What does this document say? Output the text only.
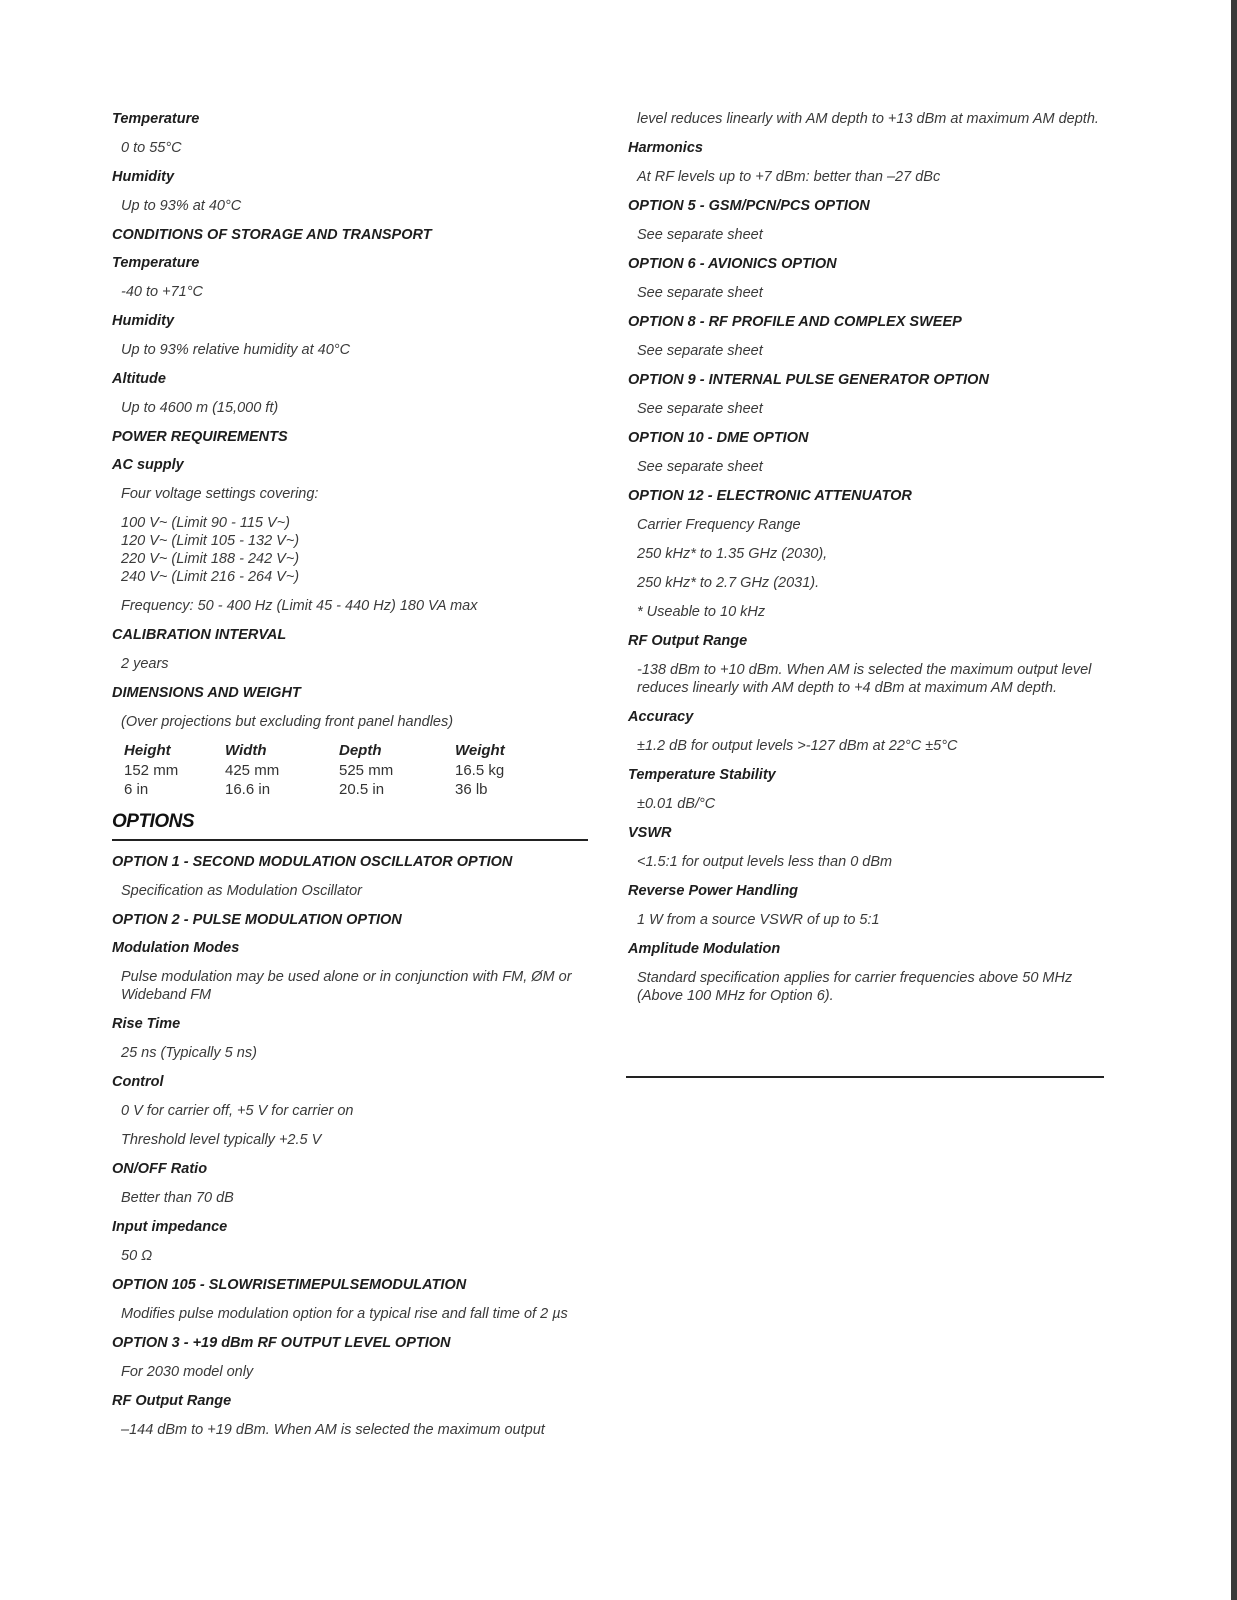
Temperature

0 to 55°C

Humidity

Up to 93% at 40°C

CONDITIONS OF STORAGE AND TRANSPORT

Temperature

-40 to +71°C

Humidity

Up to 93% relative humidity at 40°C

Altitude

Up to 4600 m (15,000 ft)

POWER REQUIREMENTS

AC supply

Four voltage settings covering:

100 V~ (Limit 90 - 115 V~)
120 V~ (Limit 105 - 132 V~)
220 V~ (Limit 188 - 242 V~)
240 V~ (Limit 216 - 264 V~)

Frequency: 50 - 400 Hz (Limit 45 - 440 Hz) 180 VA max

CALIBRATION INTERVAL

2 years

DIMENSIONS AND WEIGHT

(Over projections but excluding front panel handles)

Height	Width	Depth	Weight
152 mm	425 mm	525 mm	16.5 kg
6 in	16.6 in	20.5 in	36 lb
OPTIONS

OPTION 1 - SECOND MODULATION OSCILLATOR OPTION

Specification as Modulation Oscillator

OPTION 2 - PULSE MODULATION OPTION

Modulation Modes

Pulse modulation may be used alone or in conjunction with FM, ØM or Wideband FM

Rise Time

25 ns (Typically 5 ns)

Control

0 V for carrier off, +5 V for carrier on

Threshold level typically +2.5 V

ON/OFF Ratio

Better than 70 dB

Input impedance

50 Ω

OPTION 105 - SLOWRISETIMEPULSEMODULATION

Modifies pulse modulation option for a typical rise and fall time of 2 µs

OPTION 3 - +19 dBm RF OUTPUT LEVEL OPTION

For 2030 model only

RF Output Range

–144 dBm to +19 dBm. When AM is selected the maximum output

level reduces linearly with AM depth to +13 dBm at maximum AM depth.

Harmonics

At RF levels up to +7 dBm: better than –27 dBc

OPTION 5 - GSM/PCN/PCS OPTION

See separate sheet

OPTION 6 - AVIONICS OPTION

See separate sheet

OPTION 8 - RF PROFILE AND COMPLEX SWEEP

See separate sheet

OPTION 9 - INTERNAL PULSE GENERATOR OPTION

See separate sheet

OPTION 10 - DME OPTION

See separate sheet

OPTION 12 - ELECTRONIC ATTENUATOR

Carrier Frequency Range

250 kHz* to 1.35 GHz (2030),

250 kHz* to 2.7 GHz (2031).

* Useable to 10 kHz

RF Output Range

-138 dBm to +10 dBm. When AM is selected the maximum output level reduces linearly with AM depth to +4 dBm at maximum AM depth.

Accuracy

±1.2 dB for output levels >-127 dBm at 22°C ±5°C

Temperature Stability

±0.01 dB/°C

VSWR

<1.5:1 for output levels less than 0 dBm

Reverse Power Handling

1 W from a source VSWR of up to 5:1

Amplitude Modulation

Standard specification applies for carrier frequencies above 50 MHz (Above 100 MHz for Option 6).
